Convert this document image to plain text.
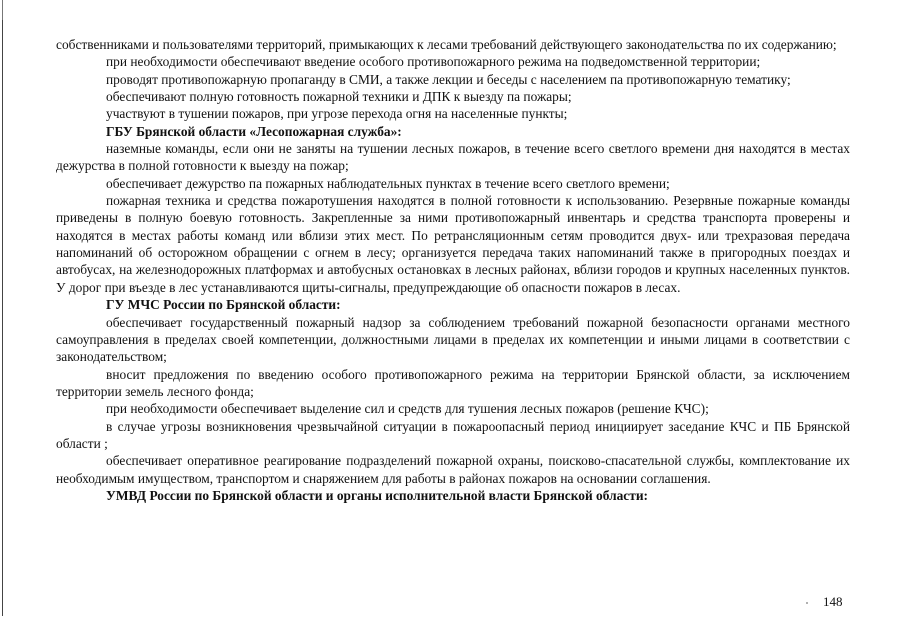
собственниками и пользователями территорий, примыкающих к лесами требований действующего законодательства по их содержанию;

при необходимости обеспечивают введение особого противопожарного режима на подведомственной территории;

проводят противопожарную пропаганду в СМИ, а также лекции и беседы с населением па противопожарную тематику;

обеспечивают полную готовность пожарной техники и ДПК к выезду па пожары;

участвуют в тушении пожаров, при угрозе перехода огня на населенные пункты;

ГБУ Брянской области «Лесопожарная служба»:

наземные команды, если они не заняты на тушении лесных пожаров, в течение всего светлого времени дня находятся в местах дежурства в полной готовности к выезду на пожар;

обеспечивает дежурство па пожарных наблюдательных пунктах в течение всего светлого времени;

пожарная техника и средства пожаротушения находятся в полной готовности к использованию. Резервные пожарные команды приведены в полную боевую готовность. Закрепленные за ними противопожарный инвентарь и средства транспорта проверены и находятся в местах работы команд или вблизи этих мест. По ретрансляционным сетям проводится двух- или трехразовая передача напоминаний об осторожном обращении с огнем в лесу; организуется передача таких напоминаний также в пригородных поездах и автобусах, на железнодорожных платформах и автобусных остановках в лесных районах, вблизи городов и крупных населенных пунктов. У дорог при въезде в лес устанавливаются щиты-сигналы, предупреждающие об опасности пожаров в лесах.

ГУ МЧС России по Брянской области:

обеспечивает государственный пожарный надзор за соблюдением требований пожарной безопасности органами местного самоуправления в пределах своей компетенции, должностными лицами в пределах их компетенции и иными лицами в соответствии с законодательством;

вносит предложения по введению особого противопожарного режима на территории Брянской области, за исключением территории земель лесного фонда;

при необходимости обеспечивает выделение сил и средств для тушения лесных пожаров (решение КЧС);

в случае угрозы возникновения чрезвычайной ситуации в пожароопасный период инициирует заседание КЧС и ПБ Брянской области ;

обеспечивает оперативное реагирование подразделений пожарной охраны, поисково-спасательной службы, комплектование их необходимым имуществом, транспортом и снаряжением для работы в районах пожаров на основании соглашения.

УМВД России по Брянской области и органы исполнительной власти Брянской области:

148
